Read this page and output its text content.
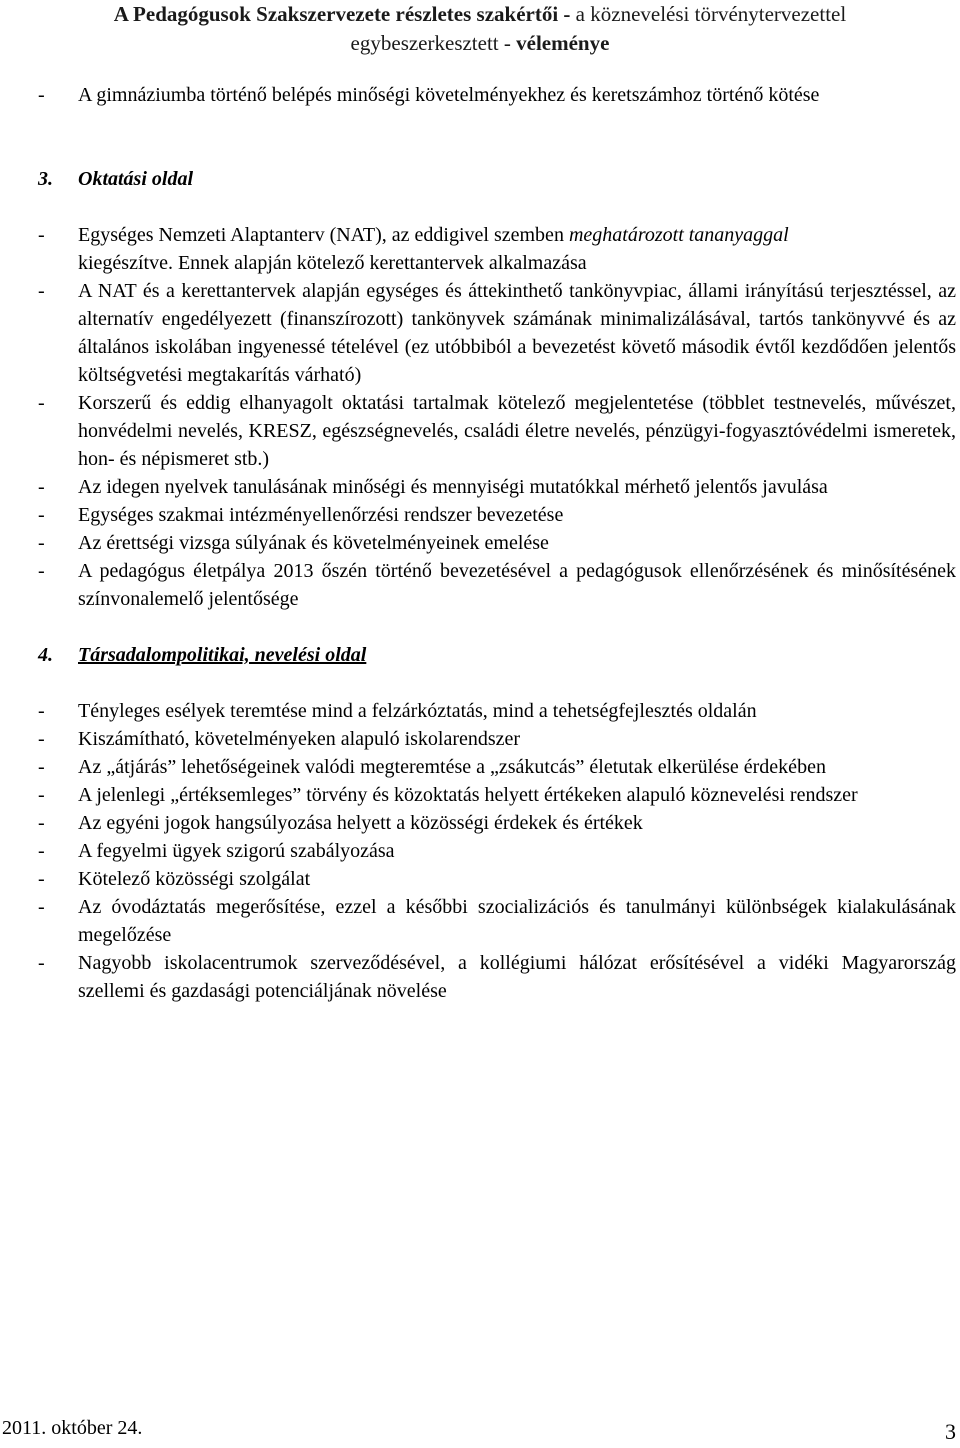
A Pedagógusok Szakszervezete részletes szakértői - a köznevelési törvénytervezettel
egybeszerkesztett - véleménye

- A gimnáziumba történő belépés minőségi követelményekhez és keretszámhoz történő kötése

3. Oktatási oldal

- Egységes Nemzeti Alaptanterv (NAT), az eddigivel szemben meghatározott tananyaggal
kiegészítve. Ennek alapján kötelező kerettantervek alkalmazása

- A NAT és a kerettantervek alapján egységes és áttekinthető tankönyvpiac, állami irányítású terjesztéssel, az alternatív engedélyezett (finanszírozott) tankönyvek számának minimalizálásával, tartós tankönyvvé és az általános iskolában ingyenessé tételével (ez utóbbiból a bevezetést követő második évtől kezdődően jelentős költségvetési megtakarítás várható)

- Korszerű és eddig elhanyagolt oktatási tartalmak kötelező megjelentetése (többlet testnevelés, művészet, honvédelmi nevelés, KRESZ, egészségnevelés, családi életre nevelés, pénzügyi-fogyasztóvédelmi ismeretek, hon- és népismeret stb.)

- Az idegen nyelvek tanulásának minőségi és mennyiségi mutatókkal mérhető jelentős javulása

- Egységes szakmai intézményellenőrzési rendszer bevezetése

- Az érettségi vizsga súlyának és követelményeinek emelése

- A pedagógus életpálya 2013 őszén történő bevezetésével a pedagógusok ellenőrzésének és minősítésének színvonalemelő jelentősége

4. Társadalompolitikai, nevelési oldal

- Tényleges esélyek teremtése mind a felzárkóztatás, mind a tehetségfejlesztés oldalán

- Kiszámítható, követelményeken alapuló iskolarendszer

- Az „átjárás” lehetőségeinek valódi megteremtése a „zsákutcás” életutak elkerülése érdekében

- A jelenlegi „értéksemleges” törvény és közoktatás helyett értékeken alapuló köznevelési rendszer

- Az egyéni jogok hangsúlyozása helyett a közösségi érdekek és értékek

- A fegyelmi ügyek szigorú szabályozása

- Kötelező közösségi szolgálat

- Az óvodáztatás megerősítése, ezzel a későbbi szocializációs és tanulmányi különbségek kialakulásának megelőzése

- Nagyobb iskolacentrumok szerveződésével, a kollégiumi hálózat erősítésével a vidéki Magyarország szellemi és gazdasági potenciáljának növelése

2011. október 24.	3
